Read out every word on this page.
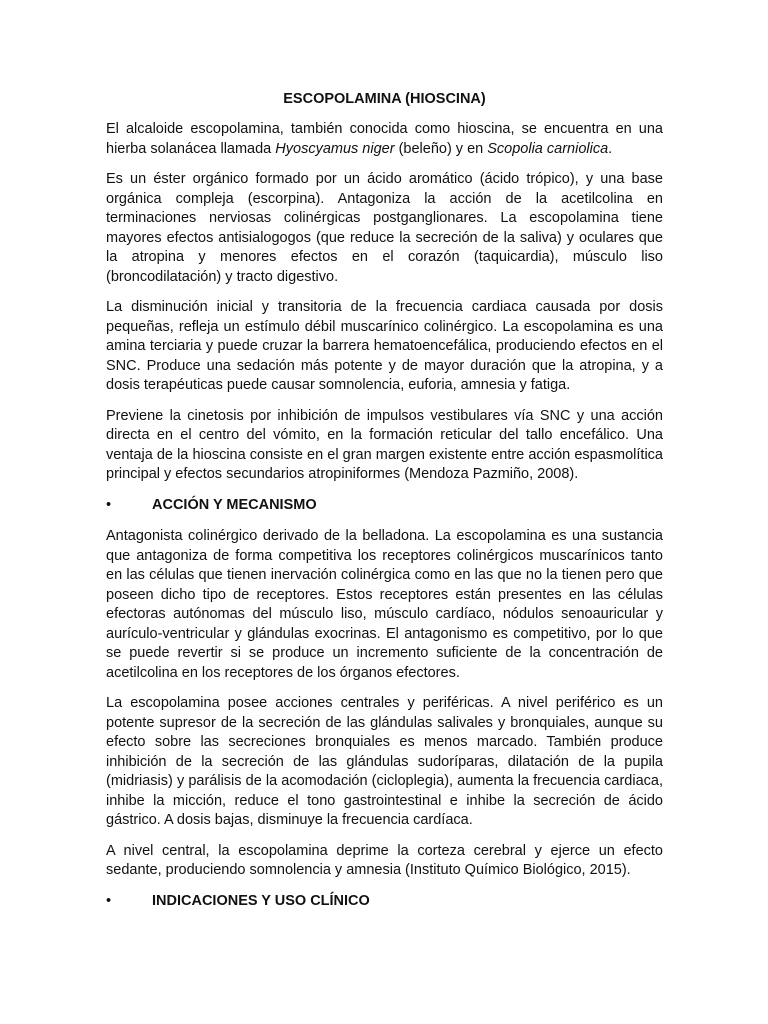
ESCOPOLAMINA (HIOSCINA)

El alcaloide escopolamina, también conocida como hioscina, se encuentra en una hierba solanácea llamada Hyoscyamus niger (beleño) y en Scopolia carniolica.

Es un éster orgánico formado por un ácido aromático (ácido trópico), y una base orgánica compleja (escorpina). Antagoniza la acción de la acetilcolina en terminaciones nerviosas colinérgicas postganglionares. La escopolamina tiene mayores efectos antisialogogos (que reduce la secreción de la saliva) y oculares que la atropina y menores efectos en el corazón (taquicardia), músculo liso (broncodilatación) y tracto digestivo.

La disminución inicial y transitoria de la frecuencia cardiaca causada por dosis pequeñas, refleja un estímulo débil muscarínico colinérgico. La escopolamina es una amina terciaria y puede cruzar la barrera hematoencefálica, produciendo efectos en el SNC. Produce una sedación más potente y de mayor duración que la atropina, y a dosis terapéuticas puede causar somnolencia, euforia, amnesia y fatiga.

Previene la cinetosis por inhibición de impulsos vestibulares vía SNC y una acción directa en el centro del vómito, en la formación reticular del tallo encefálico. Una ventaja de la hioscina consiste en el gran margen existente entre acción espasmolítica principal y efectos secundarios atropiniformes (Mendoza Pazmiño, 2008).

•	ACCIÓN Y MECANISMO

Antagonista colinérgico derivado de la belladona. La escopolamina es una sustancia que antagoniza de forma competitiva los receptores colinérgicos muscarínicos tanto en las células que tienen inervación colinérgica como en las que no la tienen pero que poseen dicho tipo de receptores. Estos receptores están presentes en las células efectoras autónomas del músculo liso, músculo cardíaco, nódulos senoauricular y aurículo-ventricular y glándulas exocrinas. El antagonismo es competitivo, por lo que se puede revertir si se produce un incremento suficiente de la concentración de acetilcolina en los receptores de los órganos efectores.

La escopolamina posee acciones centrales y periféricas. A nivel periférico es un potente supresor de la secreción de las glándulas salivales y bronquiales, aunque su efecto sobre las secreciones bronquiales es menos marcado. También produce inhibición de la secreción de las glándulas sudoríparas, dilatación de la pupila (midriasis) y parálisis de la acomodación (cicloplegia), aumenta la frecuencia cardiaca, inhibe la micción, reduce el tono gastrointestinal e inhibe la secreción de ácido gástrico. A dosis bajas, disminuye la frecuencia cardíaca.

A nivel central, la escopolamina deprime la corteza cerebral y ejerce un efecto sedante, produciendo somnolencia y amnesia (Instituto Químico Biológico, 2015).

•	INDICACIONES Y USO CLÍNICO
